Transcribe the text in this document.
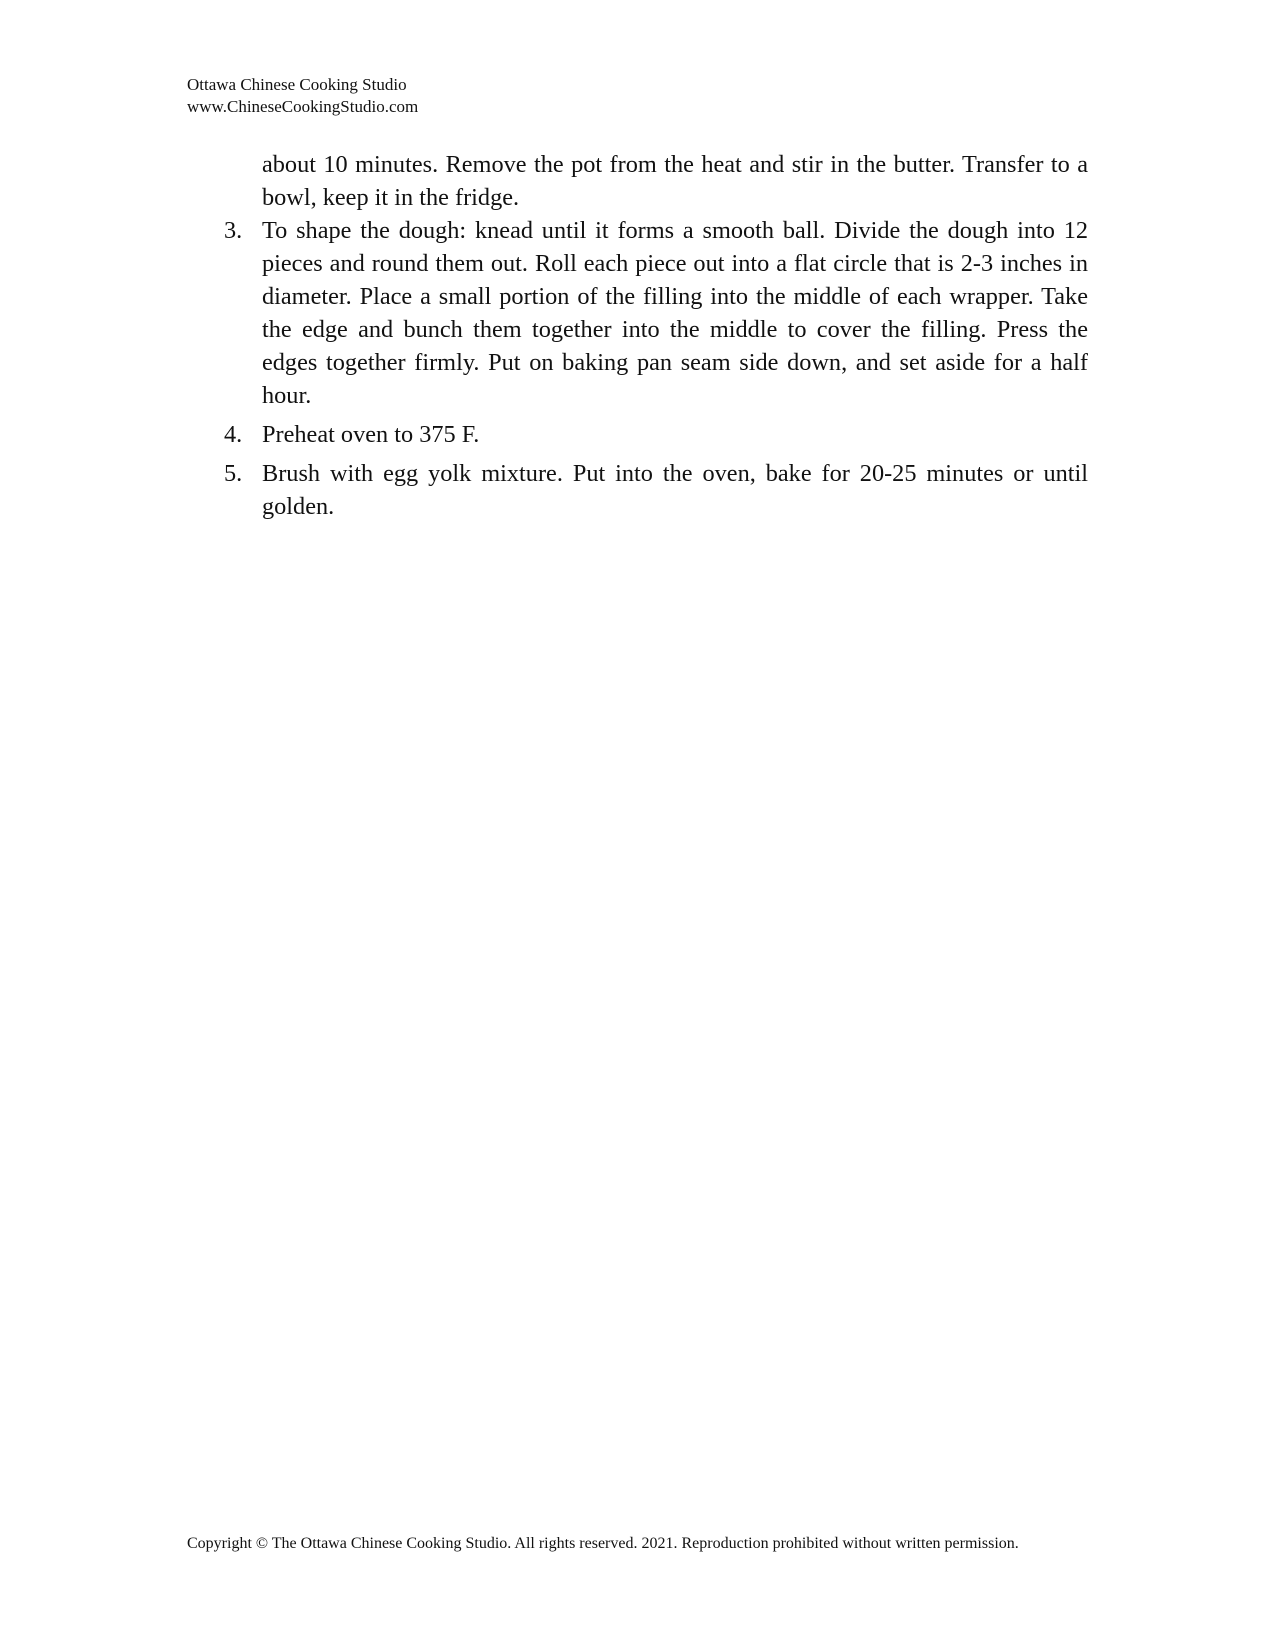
Ottawa Chinese Cooking Studio
www.ChineseCookingStudio.com
about 10 minutes. Remove the pot from the heat and stir in the butter. Transfer to a bowl, keep it in the fridge.
3. To shape the dough: knead until it forms a smooth ball. Divide the dough into 12 pieces and round them out. Roll each piece out into a flat circle that is 2-3 inches in diameter. Place a small portion of the filling into the middle of each wrapper. Take the edge and bunch them together into the middle to cover the filling. Press the edges together firmly. Put on baking pan seam side down, and set aside for a half hour.
4. Preheat oven to 375 F.
5. Brush with egg yolk mixture. Put into the oven, bake for 20-25 minutes or until golden.
Copyright © The Ottawa Chinese Cooking Studio. All rights reserved. 2021. Reproduction prohibited without written permission.
